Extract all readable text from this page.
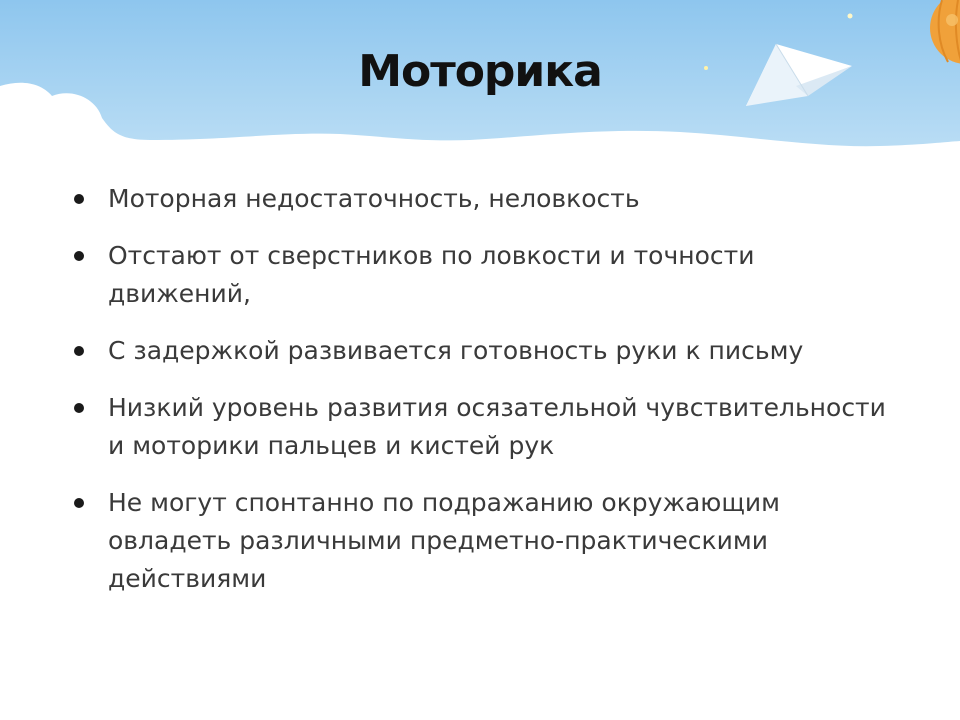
Моторика
Моторная недостаточность, неловкость
Отстают от сверстников по ловкости и точности движений,
С задержкой развивается готовность руки к письму
Низкий уровень развития осязательной чувствительности и моторики пальцев и кистей рук
Не могут спонтанно по подражанию окружающим овладеть различными предметно-практическими действиями
